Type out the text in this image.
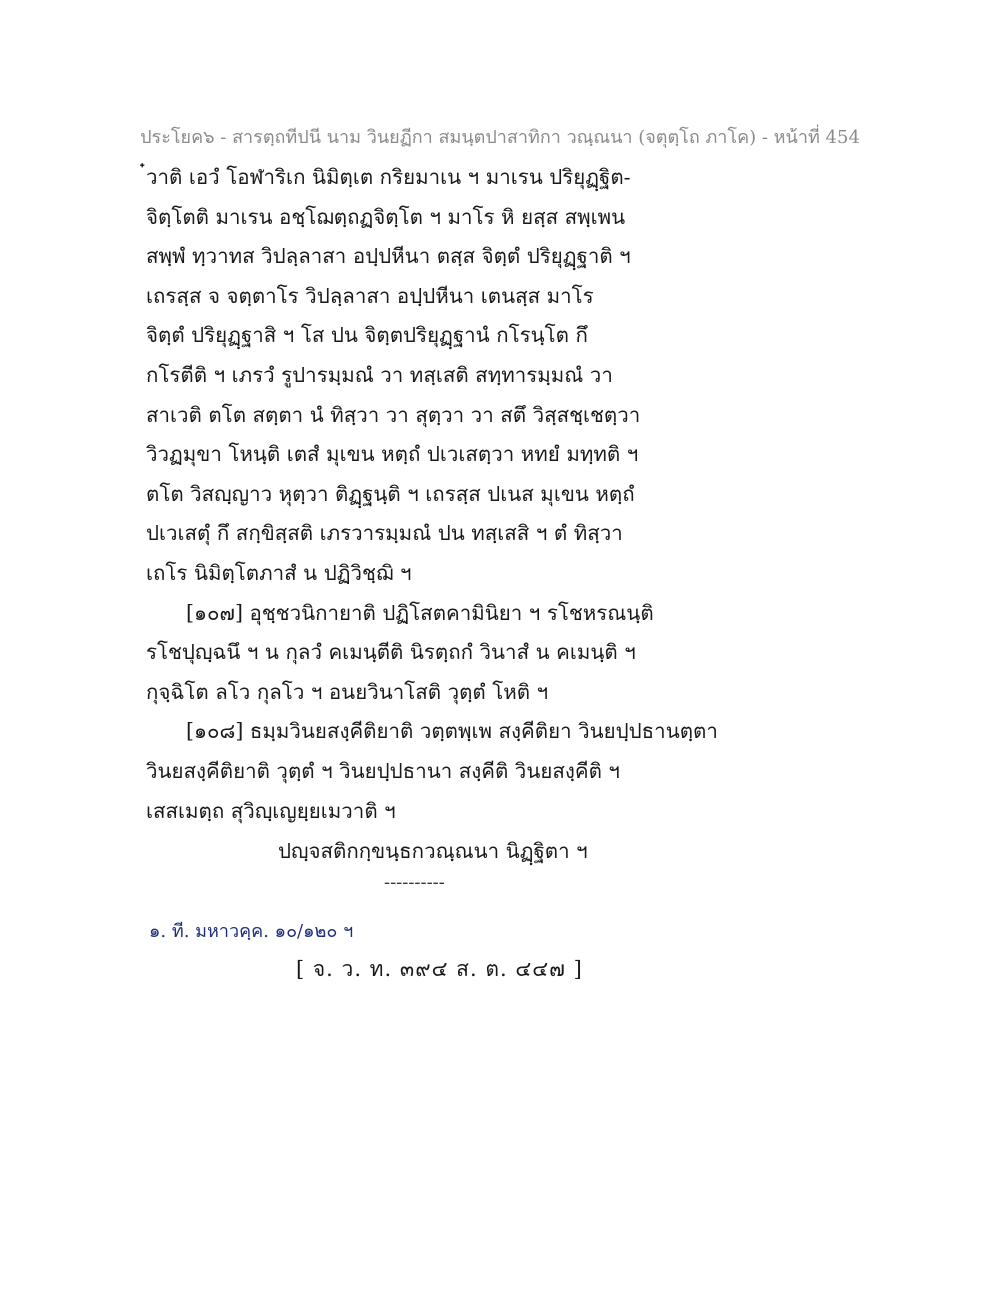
ประโยค๖ - สารตฺถทีปนี นาม วินยฏีกา สมนฺตปาสาทิกา วณฺณนา (จตุตฺโถ ภาโค) - หน้าที่ 454
๋วาติ เอวํ โอฬาริเก นิมิตฺเต กริยมาเน ฯ มาเรน ปริยุฏฺฐิต-
จิตฺโตติ มาเรน อชฺโฌตฺถฏจิตฺโต ฯ มาโร หิ ยสฺส สพฺเพน
สพฺพํ ทฺวาทส วิปลฺลาสา อปฺปหีนา ตสฺส จิตฺตํ ปริยุฏฺฐาติ ฯ
เถรสฺส จ จตฺตาโร วิปลฺลาสา อปฺปหีนา เตนสฺส มาโร
จิตฺตํ ปริยุฏฺฐาสิ ฯ โส ปน จิตฺตปริยุฏฺฐานํ กโรนฺโต กึ
กโรตีติ ฯ เภรวํ รูปารมฺมณํ วา ทสฺเสติ สทฺทารมฺมณํ วา
สาเวติ ตโต สตฺตา นํ ทิสฺวา วา สุตฺวา วา สตึ วิสฺสชฺเชตฺวา
วิวฏมุขา โหนฺติ เตสํ มุเขน หตฺถํ ปเวเสตฺวา หทยํ มทฺทติ ฯ
ตโต วิสญฺญาว หุตฺวา ติฏฺฐนฺติ ฯ เถรสฺส ปเนส มุเขน หตฺถํ
ปเวเสตุํ กึ สกฺขิสฺสติ เภรวารมฺมณํ ปน ทสฺเสสิ ฯ ตํ ทิสฺวา
เถโร นิมิตฺโตภาสํ น ปฏิวิชฺฌิ ฯ
[๑๐๗] อุชฺชวนิกายาติ ปฏิโสตคามินิยา ฯ รโชหรณนฺติ
รโชปุญฺฉนึ ฯ น กุลวํ คเมนฺตีติ นิรตฺถกํ วินาสํ น คเมนฺติ ฯ
กุจฺฉิโต ลโว กุลโว ฯ อนยวินาโสติ วุตฺตํ โหติ ฯ
[๑๐๘] ธมฺมวินยสงฺคีติยาติ วตฺตพฺเพ สงฺคีติยา วินยปฺปธานตฺตา
วินยสงฺคีติยาติ วุตฺตํ ฯ วินยปฺปธานา สงฺคีติ วินยสงฺคีติ ฯ
เสสเมตฺถ สุวิญฺเญยฺยเมวาติ ฯ
ปญฺจสติกกฺขนฺธกวณฺณนา นิฏฺฐิตา ฯ
----------
๑. ที. มหาวคฺค. ๑๐/๑๒๐ ฯ
[ จ. ว. ท. ๓๙๔ ส. ต. ๔๔๗ ]
